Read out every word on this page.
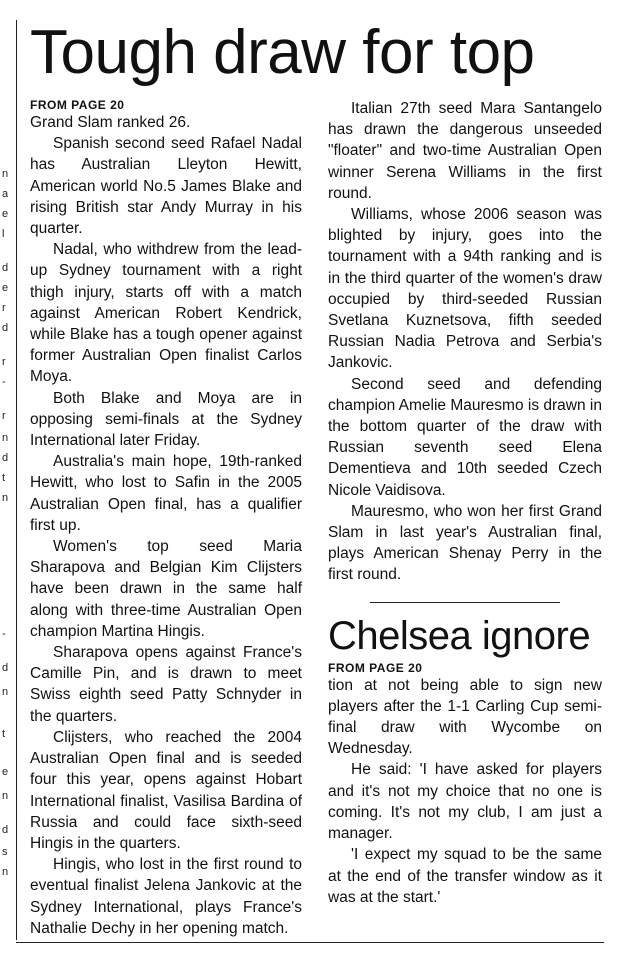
n
a
e
l
d
e
r
d
r
-
r
n
d
t
n
-
d
n
t
e
n
d
s
n
Tough draw for top
FROM PAGE 20

Grand Slam ranked 26.

Spanish second seed Rafael Nadal has Australian Lleyton Hewitt, American world No.5 James Blake and rising British star Andy Murray in his quarter.

Nadal, who withdrew from the lead-up Sydney tournament with a right thigh injury, starts off with a match against American Robert Kendrick, while Blake has a tough opener against former Australian Open finalist Carlos Moya.

Both Blake and Moya are in opposing semi-finals at the Sydney International later Friday.

Australia's main hope, 19th-ranked Hewitt, who lost to Safin in the 2005 Australian Open final, has a qualifier first up.

Women's top seed Maria Sharapova and Belgian Kim Clijsters have been drawn in the same half along with three-time Australian Open champion Martina Hingis.

Sharapova opens against France's Camille Pin, and is drawn to meet Swiss eighth seed Patty Schnyder in the quarters.

Clijsters, who reached the 2004 Australian Open final and is seeded four this year, opens against Hobart International finalist, Vasilisa Bardina of Russia and could face sixth-seed Hingis in the quarters.

Hingis, who lost in the first round to eventual finalist Jelena Jankovic at the Sydney International, plays France's Nathalie Dechy in her opening match.

Italian 27th seed Mara Santangelo has drawn the dangerous unseeded "floater" and two-time Australian Open winner Serena Williams in the first round.

Williams, whose 2006 season was blighted by injury, goes into the tournament with a 94th ranking and is in the third quarter of the women's draw occupied by third-seeded Russian Svetlana Kuznetsova, fifth seeded Russian Nadia Petrova and Serbia's Jankovic.

Second seed and defending champion Amelie Mauresmo is drawn in the bottom quarter of the draw with Russian seventh seed Elena Dementieva and 10th seeded Czech Nicole Vaidisova.

Mauresmo, who won her first Grand Slam in last year's Australian final, plays American Shenay Perry in the first round.

Chelsea ignore
FROM PAGE 20

tion at not being able to sign new players after the 1-1 Carling Cup semi-final draw with Wycombe on Wednesday.

He said: 'I have asked for players and it's not my choice that no one is coming. It's not my club, I am just a manager.

'I expect my squad to be the same at the end of the transfer window as it was at the start.'
